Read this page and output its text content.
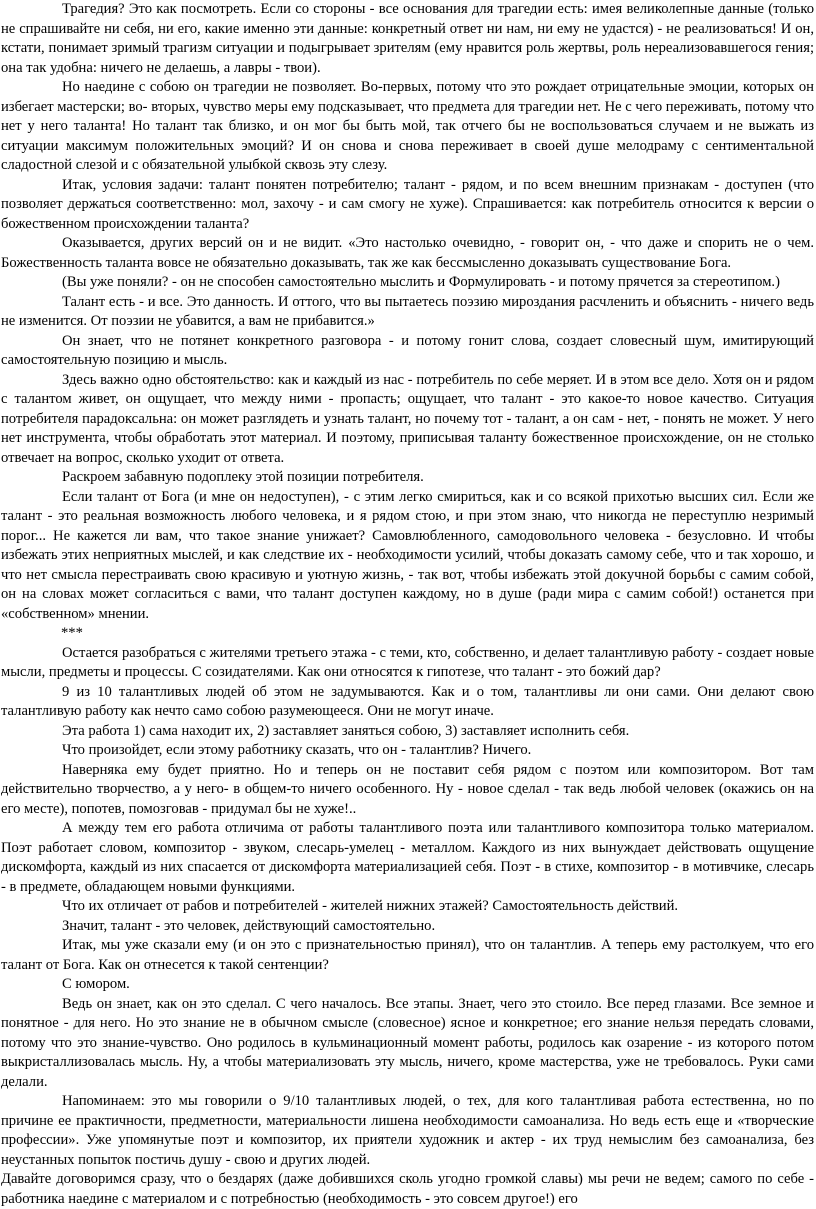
Трагедия? Это как посмотреть. Если со стороны - все основания для трагедии есть: имея великолепные данные (только не спрашивайте ни себя, ни его, какие именно эти данные: конкретный ответ ни нам, ни ему не удастся) - не реализоваться! И он, кстати, понимает зримый трагизм ситуации и подыгрывает зрителям (ему нравится роль жертвы, роль нереализовавшегося гения; она так удобна: ничего не делаешь, а лавры - твои).

Но наедине с собою он трагедии не позволяет. Во-первых, потому что это рождает отрицательные эмоции, которых он избегает мастерски; во- вторых, чувство меры ему подсказывает, что предмета для трагедии нет. Не с чего переживать, потому что нет у него таланта! Но талант так близко, и он мог бы быть мой, так отчего бы не воспользоваться случаем и не выжать из ситуации максимум положительных эмоций? И он снова и снова переживает в своей душе мелодраму с сентиментальной сладостной слезой и с обязательной улыбкой сквозь эту слезу.

Итак, условия задачи: талант понятен потребителю; талант - рядом, и по всем внешним признакам - доступен (что позволяет держаться соответственно: мол, захочу - и сам смогу не хуже). Спрашивается: как потребитель относится к версии о божественном происхождении таланта?

Оказывается, других версий он и не видит. «Это настолько очевидно, - говорит он, - что даже и спорить не о чем. Божественность таланта вовсе не обязательно доказывать, так же как бессмысленно доказывать существование Бога.

(Вы уже поняли? - он не способен самостоятельно мыслить и Формулировать - и потому прячется за стереотипом.)

Талант есть - и все. Это данность. И оттого, что вы пытаетесь поэзию мироздания расчленить и объяснить - ничего ведь не изменится. От поэзии не убавится, а вам не прибавится.»

Он знает, что не потянет конкретного разговора - и потому гонит слова, создает словесный шум, имитирующий самостоятельную позицию и мысль.

Здесь важно одно обстоятельство: как и каждый из нас - потребитель по себе меряет. И в этом все дело. Хотя он и рядом с талантом живет, он ощущает, что между ними - пропасть; ощущает, что талант - это какое-то новое качество. Ситуация потребителя парадоксальна: он может разглядеть и узнать талант, но почему тот - талант, а он сам - нет, - понять не может. У него нет инструмента, чтобы обработать этот материал. И поэтому, приписывая таланту божественное происхождение, он не столько отвечает на вопрос, сколько уходит от ответа.

Раскроем забавную подоплеку этой позиции потребителя.

Если талант от Бога (и мне он недоступен), - с этим легко смириться, как и со всякой прихотью высших сил. Если же талант - это реальная возможность любого человека, и я рядом стою, и при этом знаю, что никогда не переступлю незримый порог... Не кажется ли вам, что такое знание унижает? Самовлюбленного, самодовольного человека - безусловно. И чтобы избежать этих неприятных мыслей, и как следствие их - необходимости усилий, чтобы доказать самому себе, что и так хорошо, и что нет смысла перестраивать свою красивую и уютную жизнь, - так вот, чтобы избежать этой докучной борьбы с самим собой, он на словах может согласиться с вами, что талант доступен каждому, но в душе (ради мира с самим собой!) останется при «собственном» мнении.

***

Остается разобраться с жителями третьего этажа - с теми, кто, собственно, и делает талантливую работу - создает новые мысли, предметы и процессы. С созидателями. Как они относятся к гипотезе, что талант - это божий дар?

9 из 10 талантливых людей об этом не задумываются. Как и о том, талантливы ли они сами. Они делают свою талантливую работу как нечто само собою разумеющееся. Они не могут иначе.

Эта работа 1) сама находит их, 2) заставляет заняться собою, 3) заставляет исполнить себя.

Что произойдет, если этому работнику сказать, что он - талантлив? Ничего.

Наверняка ему будет приятно. Но и теперь он не поставит себя рядом с поэтом или композитором. Вот там действительно творчество, а у него- в общем-то ничего особенного. Ну - новое сделал - так ведь любой человек (окажись он на его месте), попотев, помозговав - придумал бы не хуже!..

А между тем его работа отличима от работы талантливого поэта или талантливого композитора только материалом. Поэт работает словом, композитор - звуком, слесарь-умелец - металлом. Каждого из них вынуждает действовать ощущение дискомфорта, каждый из них спасается от дискомфорта материализацией себя. Поэт - в стихе, композитор - в мотивчике, слесарь - в предмете, обладающем новыми функциями.

Что их отличает от рабов и потребителей - жителей нижних этажей? Самостоятельность действий.

Значит, талант - это человек, действующий самостоятельно.

Итак, мы уже сказали ему (и он это с признательностью принял), что он талантлив. А теперь ему растолкуем, что его талант от Бога. Как он отнесется к такой сентенции?

С юмором.

Ведь он знает, как он это сделал. С чего началось. Все этапы. Знает, чего это стоило. Все перед глазами. Все земное и понятное - для него. Но это знание не в обычном смысле (словесное) ясное и конкретное; его знание нельзя передать словами, потому что это знание-чувство. Оно родилось в кульминационный момент работы, родилось как озарение - из которого потом выкристаллизовалась мысль. Ну, а чтобы материализовать эту мысль, ничего, кроме мастерства, уже не требовалось. Руки сами делали.

Напоминаем: это мы говорили о 9/10 талантливых людей, о тех, для кого талантливая работа естественна, но по причине ее практичности, предметности, материальности лишена необходимости самоанализа. Но ведь есть еще и «творческие профессии». Уже упомянутые поэт и композитор, их приятели художник и актер - их труд немыслим без самоанализа, без неустанных попыток постичь душу - свою и других людей.

Давайте договоримся сразу, что о бездарях (даже добившихся сколь угодно громкой славы) мы речи не ведем; самого по себе - работника наедине с материалом и с потребностью (необходимость - это совсем другое!) его
